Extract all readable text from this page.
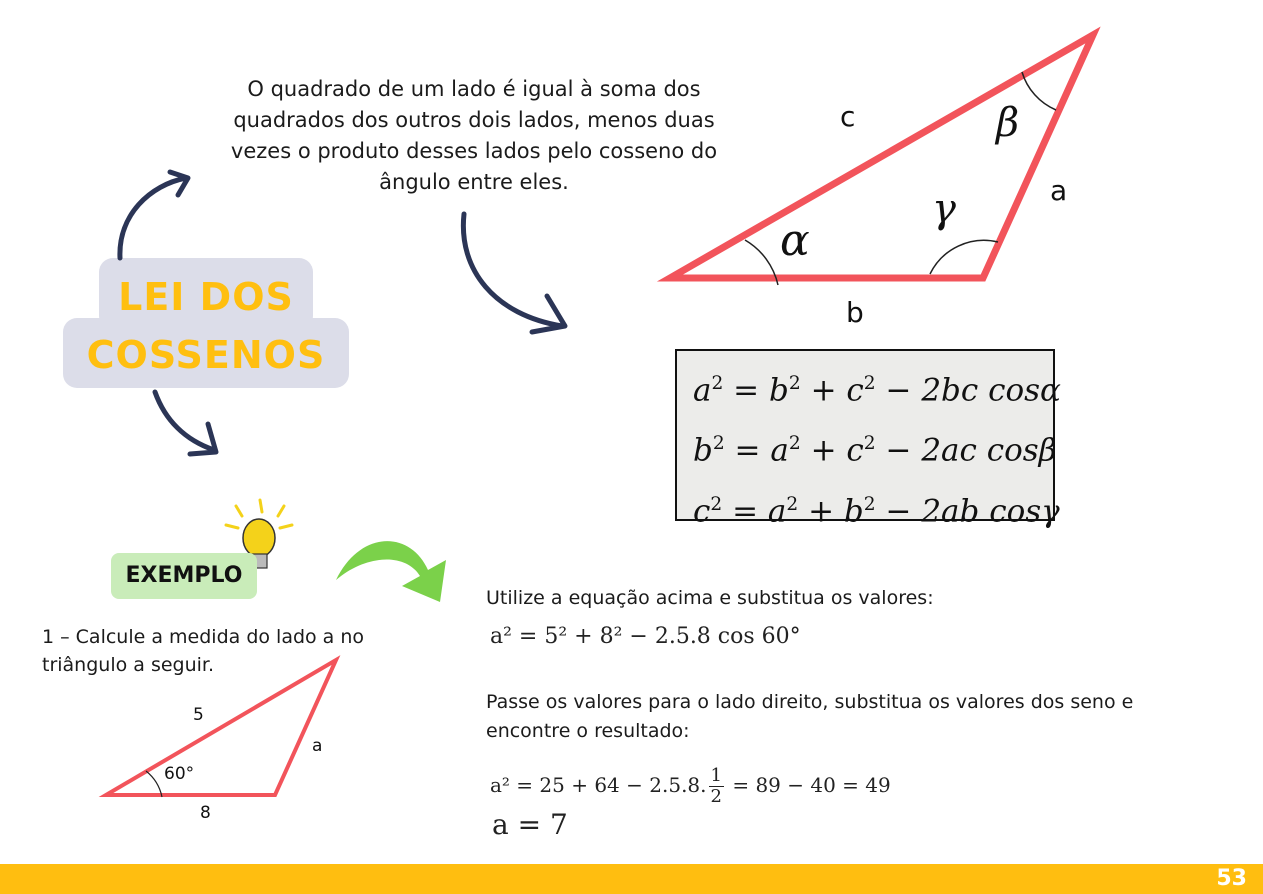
LEI DOS
COSSENOS
O quadrado de um lado é igual à soma dos quadrados dos outros dois lados, menos duas vezes o produto desses lados pelo cosseno do ângulo entre eles.
c
a
b
α
β
γ
$a^2 = b^2 + c^2 - 2bc$ cosα
$b^2 = a^2 + c^2 - 2ac$ cosβ
$c^2 = a^2 + b^2 - 2ab$ cosγ
EXEMPLO
1 – Calcule a medida do lado a no triângulo a seguir.
5
a
8
60°
Utilize a equação acima e substitua os valores:
a² = 5² + 8² − 2.5.8 cos 60°
Passe os valores para o lado direito, substitua os valores dos seno e encontre o resultado:
a² = 25 + 64 − 2.5.8. $\frac{1}{2} = 89 - 40 = 49$
a = 7
53
